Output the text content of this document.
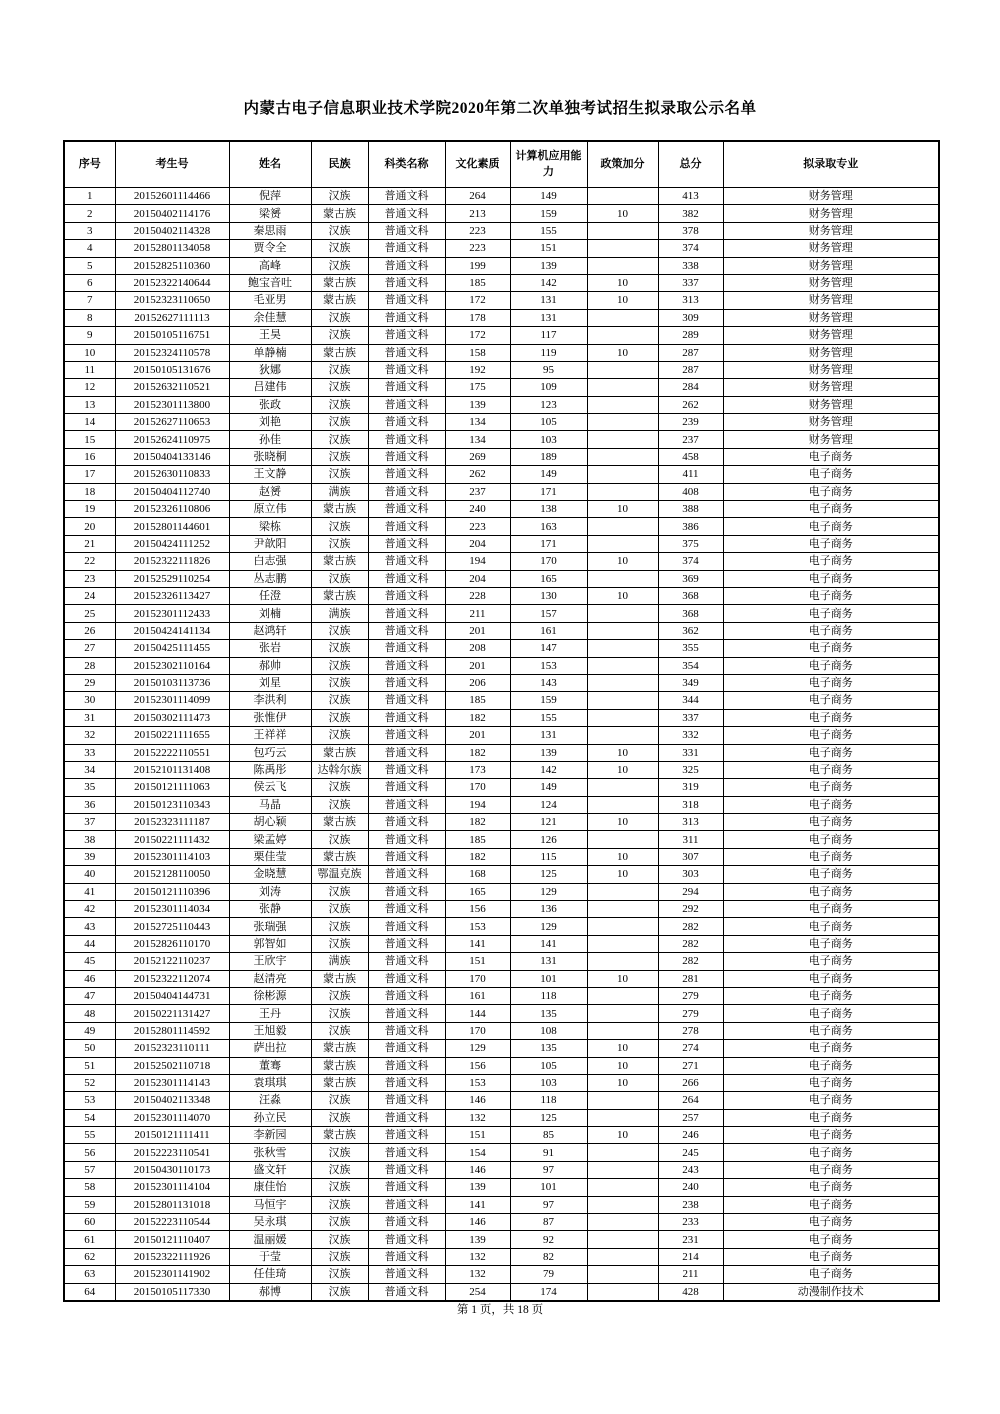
内蒙古电子信息职业技术学院2020年第二次单独考试招生拟录取公示名单
序号	考生号	姓名	民族	科类名称	文化素质	计算机应用能力	政策加分	总分	拟录取专业
1	20152601114466	倪萍	汉族	普通文科	264	149		413	财务管理
2	20150402114176	梁赟	蒙古族	普通文科	213	159	10	382	财务管理
3	20150402114328	秦思雨	汉族	普通文科	223	155		378	财务管理
4	20152801134058	贾令全	汉族	普通文科	223	151		374	财务管理
5	20152825110360	高峰	汉族	普通文科	199	139		338	财务管理
6	20152322140644	鲍宝音吐	蒙古族	普通文科	185	142	10	337	财务管理
7	20152323110650	毛亚男	蒙古族	普通文科	172	131	10	313	财务管理
8	20152627111113	余佳慧	汉族	普通文科	178	131		309	财务管理
9	20150105116751	王昊	汉族	普通文科	172	117		289	财务管理
10	20152324110578	单静楠	蒙古族	普通文科	158	119	10	287	财务管理
11	20150105131676	狄娜	汉族	普通文科	192	95		287	财务管理
12	20152632110521	吕建伟	汉族	普通文科	175	109		284	财务管理
13	20152301113800	张政	汉族	普通文科	139	123		262	财务管理
14	20152627110653	刘艳	汉族	普通文科	134	105		239	财务管理
15	20152624110975	孙佳	汉族	普通文科	134	103		237	财务管理
16	20150404133146	张晓桐	汉族	普通文科	269	189		458	电子商务
17	20152630110833	王文静	汉族	普通文科	262	149		411	电子商务
18	20150404112740	赵赟	满族	普通文科	237	171		408	电子商务
19	20152326110806	原立伟	蒙古族	普通文科	240	138	10	388	电子商务
20	20152801144601	梁栋	汉族	普通文科	223	163		386	电子商务
21	20150424111252	尹歆阳	汉族	普通文科	204	171		375	电子商务
22	20152322111826	白志强	蒙古族	普通文科	194	170	10	374	电子商务
23	20152529110254	丛志鹏	汉族	普通文科	204	165		369	电子商务
24	20152326113427	任澄	蒙古族	普通文科	228	130	10	368	电子商务
25	20152301112433	刘楠	满族	普通文科	211	157		368	电子商务
26	20150424141134	赵鸿轩	汉族	普通文科	201	161		362	电子商务
27	20150425111455	张岩	汉族	普通文科	208	147		355	电子商务
28	20152302110164	郝帅	汉族	普通文科	201	153		354	电子商务
29	20150103113736	刘星	汉族	普通文科	206	143		349	电子商务
30	20152301114099	李洪利	汉族	普通文科	185	159		344	电子商务
31	20150302111473	张惟伊	汉族	普通文科	182	155		337	电子商务
32	20150221111655	王祥祥	汉族	普通文科	201	131		332	电子商务
33	20152222110551	包巧云	蒙古族	普通文科	182	139	10	331	电子商务
34	20152101131408	陈禹彤	达斡尔族	普通文科	173	142	10	325	电子商务
35	20150121111063	侯云飞	汉族	普通文科	170	149		319	电子商务
36	20150123110343	马晶	汉族	普通文科	194	124		318	电子商务
37	20152323111187	胡心颖	蒙古族	普通文科	182	121	10	313	电子商务
38	20150221111432	梁孟婷	汉族	普通文科	185	126		311	电子商务
39	20152301114103	栗佳莹	蒙古族	普通文科	182	115	10	307	电子商务
40	20152128110050	金晓慧	鄂温克族	普通文科	168	125	10	303	电子商务
41	20150121110396	刘涛	汉族	普通文科	165	129		294	电子商务
42	20152301114034	张静	汉族	普通文科	156	136		292	电子商务
43	20152725110443	张瑞强	汉族	普通文科	153	129		282	电子商务
44	20152826110170	郭智如	汉族	普通文科	141	141		282	电子商务
45	20152122110237	王欣宇	满族	普通文科	151	131		282	电子商务
46	20152322112074	赵清亮	蒙古族	普通文科	170	101	10	281	电子商务
47	20150404144731	徐彬源	汉族	普通文科	161	118		279	电子商务
48	20150221131427	王丹	汉族	普通文科	144	135		279	电子商务
49	20152801114592	王旭毅	汉族	普通文科	170	108		278	电子商务
50	20152323110111	萨出拉	蒙古族	普通文科	129	135	10	274	电子商务
51	20152502110718	董骞	蒙古族	普通文科	156	105	10	271	电子商务
52	20152301114143	袁琪琪	蒙古族	普通文科	153	103	10	266	电子商务
53	20150402113348	汪淼	汉族	普通文科	146	118		264	电子商务
54	20152301114070	孙立民	汉族	普通文科	132	125		257	电子商务
55	20150121111411	李新园	蒙古族	普通文科	151	85	10	246	电子商务
56	20152223110541	张秋雪	汉族	普通文科	154	91		245	电子商务
57	20150430110173	盛文轩	汉族	普通文科	146	97		243	电子商务
58	20152301114104	康佳怡	汉族	普通文科	139	101		240	电子商务
59	20152801131018	马恒宇	汉族	普通文科	141	97		238	电子商务
60	20152223110544	吴永琪	汉族	普通文科	146	87		233	电子商务
61	20150121110407	温丽媛	汉族	普通文科	139	92		231	电子商务
62	20152322111926	于莹	汉族	普通文科	132	82		214	电子商务
63	20152301141902	任佳琦	汉族	普通文科	132	79		211	电子商务
64	20150105117330	郝博	汉族	普通文科	254	174		428	动漫制作技术
第 1 页，共 18 页
